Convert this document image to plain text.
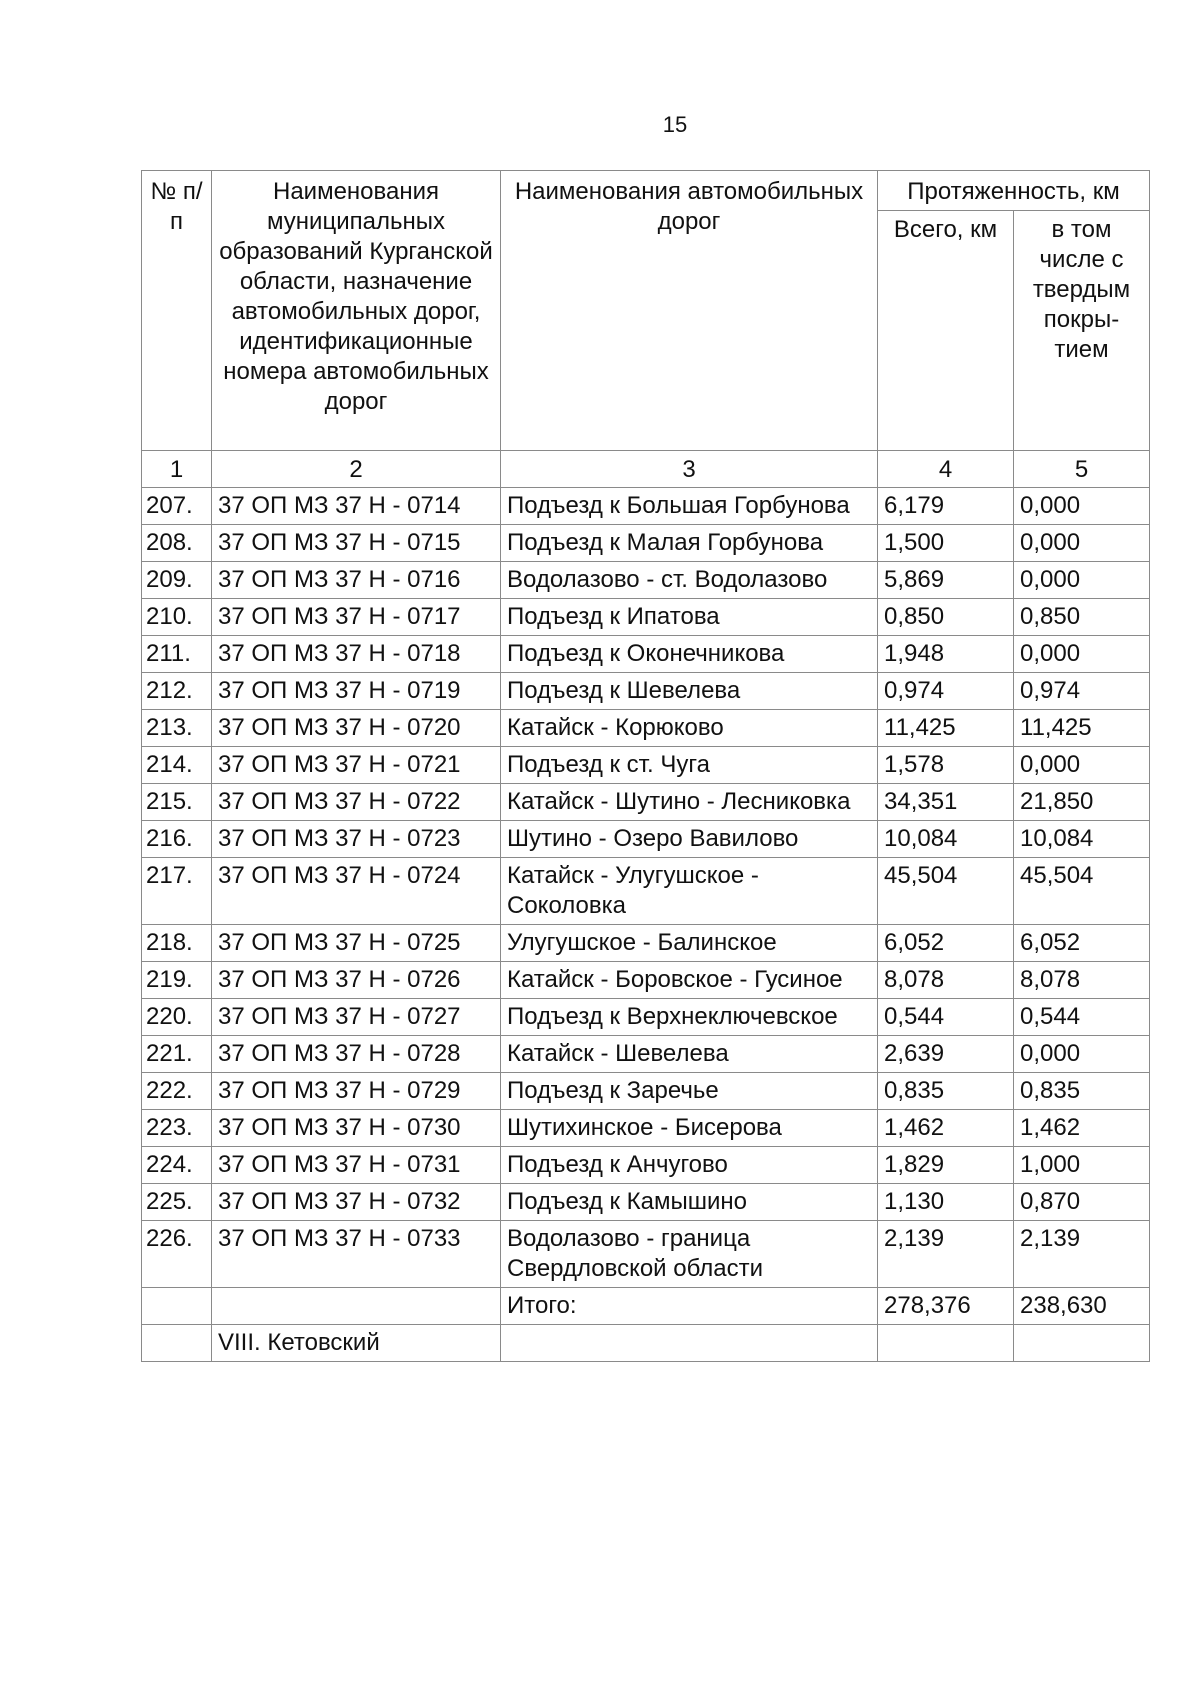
15
№ п/п	Наименования муниципальных образований Курганской области, назначение автомобильных дорог, идентификационные номера автомобильных дорог	Наименования автомобильных дорог	Протяженность, км	
			Всего, км	в том числе с твердым покры-тием
1	2	3	4	5
207.	37 ОП МЗ 37 Н - 0714	Подъезд к Большая Горбунова	6,179	0,000
208.	37 ОП МЗ 37 Н - 0715	Подъезд к Малая Горбунова	1,500	0,000
209.	37 ОП МЗ 37 Н - 0716	Водолазово - ст. Водолазово	5,869	0,000
210.	37 ОП МЗ 37 Н - 0717	Подъезд к Ипатова	0,850	0,850
211.	37 ОП МЗ 37 Н - 0718	Подъезд к Оконечникова	1,948	0,000
212.	37 ОП МЗ 37 Н - 0719	Подъезд к Шевелева	0,974	0,974
213.	37 ОП МЗ 37 Н - 0720	Катайск - Корюково	11,425	11,425
214.	37 ОП МЗ 37 Н - 0721	Подъезд к ст. Чуга	1,578	0,000
215.	37 ОП МЗ 37 Н - 0722	Катайск - Шутино - Лесниковка	34,351	21,850
216.	37 ОП МЗ 37 Н - 0723	Шутино - Озеро Вавилово	10,084	10,084
217.	37 ОП МЗ 37 Н - 0724	Катайск - Улугушское - Соколовка	45,504	45,504
218.	37 ОП МЗ 37 Н - 0725	Улугушское - Балинское	6,052	6,052
219.	37 ОП МЗ 37 Н - 0726	Катайск - Боровское - Гусиное	8,078	8,078
220.	37 ОП МЗ 37 Н - 0727	Подъезд к Верхнеключевское	0,544	0,544
221.	37 ОП МЗ 37 Н - 0728	Катайск - Шевелева	2,639	0,000
222.	37 ОП МЗ 37 Н - 0729	Подъезд к Заречье	0,835	0,835
223.	37 ОП МЗ 37 Н - 0730	Шутихинское - Бисерова	1,462	1,462
224.	37 ОП МЗ 37 Н - 0731	Подъезд к Анчугово	1,829	1,000
225.	37 ОП МЗ 37 Н - 0732	Подъезд к Камышино	1,130	0,870
226.	37 ОП МЗ 37 Н - 0733	Водолазово - граница Свердловской области	2,139	2,139
		Итого:	278,376	238,630
	VIII. Кетовский			
